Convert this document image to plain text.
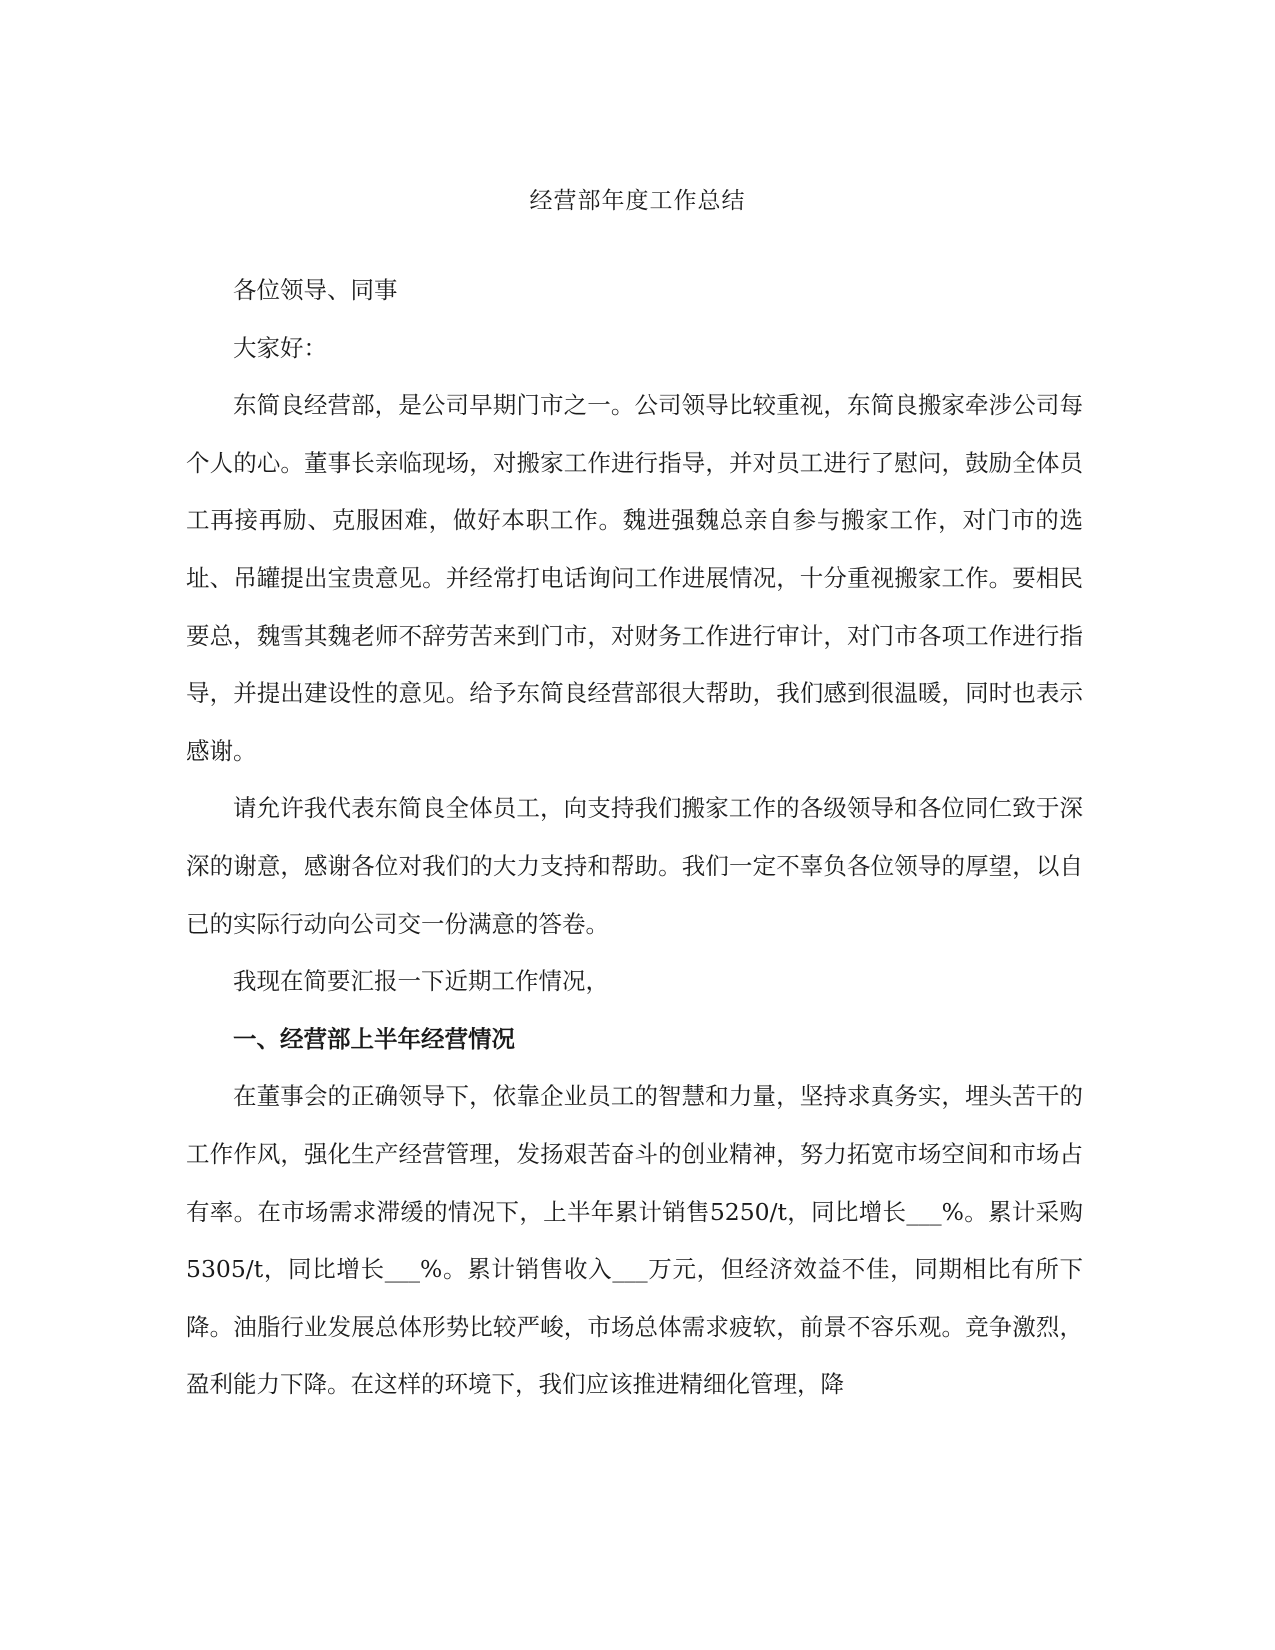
经营部年度工作总结

各位领导、同事

大家好：

东简良经营部，是公司早期门市之一。公司领导比较重视，东简良搬家牵涉公司每个人的心。董事长亲临现场，对搬家工作进行指导，并对员工进行了慰问，鼓励全体员工再接再励、克服困难，做好本职工作。魏进强魏总亲自参与搬家工作，对门市的选址、吊罐提出宝贵意见。并经常打电话询问工作进展情况，十分重视搬家工作。要相民要总，魏雪其魏老师不辞劳苦来到门市，对财务工作进行审计，对门市各项工作进行指导，并提出建设性的意见。给予东简良经营部很大帮助，我们感到很温暖，同时也表示感谢。

请允许我代表东简良全体员工，向支持我们搬家工作的各级领导和各位同仁致于深深的谢意，感谢各位对我们的大力支持和帮助。我们一定不辜负各位领导的厚望，以自已的实际行动向公司交一份满意的答卷。

我现在简要汇报一下近期工作情况，

一、经营部上半年经营情况

在董事会的正确领导下，依靠企业员工的智慧和力量，坚持求真务实，埋头苦干的工作作风，强化生产经营管理，发扬艰苦奋斗的创业精神，努力拓宽市场空间和市场占有率。在市场需求滞缓的情况下，上半年累计销售5250/t，同比增长___%。累计采购5305/t，同比增长___%。累计销售收入___万元，但经济效益不佳，同期相比有所下降。油脂行业发展总体形势比较严峻，市场总体需求疲软，前景不容乐观。竞争激烈，盈利能力下降。在这样的环境下，我们应该推进精细化管理，降
